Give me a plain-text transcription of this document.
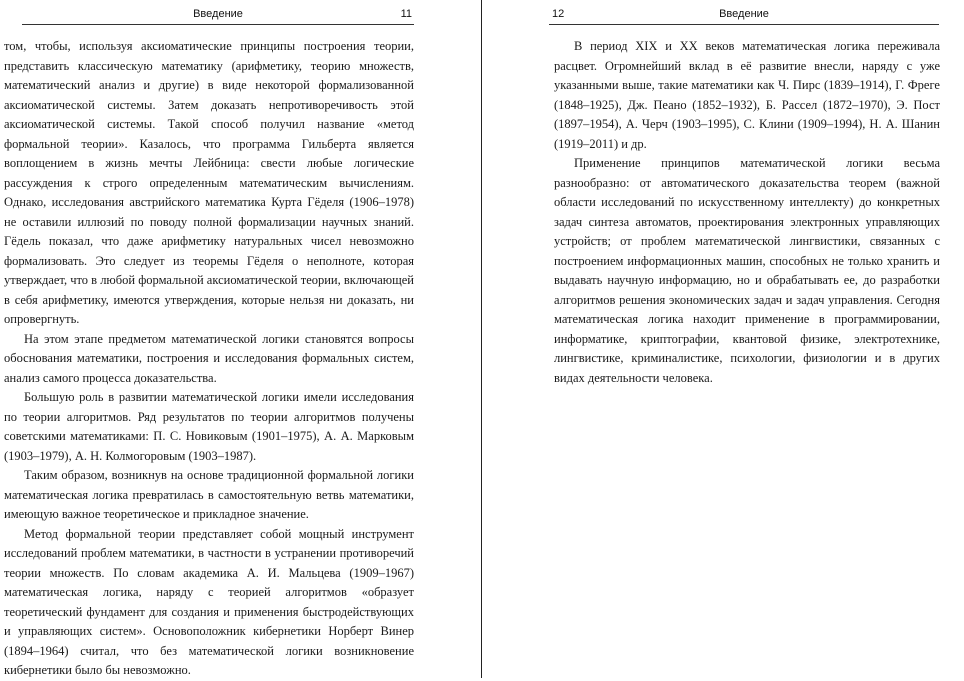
Введение	11

том, чтобы, используя аксиоматические принципы построения теории, представить классическую математику (арифметику, теорию множеств, математический анализ и другие) в виде некоторой формализованной аксиоматической системы. Затем доказать непротиворечивость этой аксиоматической системы. Такой способ получил название «метод формальной теории». Казалось, что программа Гильберта является воплощением в жизнь мечты Лейбница: свести любые логические рассуждения к строго определенным математическим вычислениям. Однако, исследования австрийского математика Курта Гёделя (1906–1978) не оставили иллюзий по поводу полной формализации научных знаний. Гёдель показал, что даже арифметику натуральных чисел невозможно формализовать. Это следует из теоремы Гёделя о неполноте, которая утверждает, что в любой формальной аксиоматической теории, включающей в себя арифметику, имеются утверждения, которые нельзя ни доказать, ни опровергнуть.

На этом этапе предметом математической логики становятся вопросы обоснования математики, построения и исследования формальных систем, анализ самого процесса доказательства.

Большую роль в развитии математической логики имели исследования по теории алгоритмов. Ряд результатов по теории алгоритмов получены советскими математиками: П. С. Новиковым (1901–1975), А. А. Марковым (1903–1979), А. Н. Колмогоровым (1903–1987).

Таким образом, возникнув на основе традиционной формальной логики математическая логика превратилась в самостоятельную ветвь математики, имеющую важное теоретическое и прикладное значение.

Метод формальной теории представляет собой мощный инструмент исследований проблем математики, в частности в устранении противоречий теории множеств. По словам академика А. И. Мальцева (1909–1967) математическая логика, наряду с теорией алгоритмов «образует теоретический фундамент для создания и применения быстродействующих и управляющих систем». Основоположник кибернетики Норберт Винер (1894–1964) считал, что без математической логики возникновение кибернетики было бы невозможно.

12	Введение

В период XIX и XX веков математическая логика переживала расцвет. Огромнейший вклад в её развитие внесли, наряду с уже указанными выше, такие математики как Ч. Пирс (1839–1914), Г. Фреге (1848–1925), Дж. Пеано (1852–1932), Б. Рассел (1872–1970), Э. Пост (1897–1954), А. Черч (1903–1995), С. Клини (1909–1994), Н. А. Шанин (1919–2011) и др.

Применение принципов математической логики весьма разнообразно: от автоматического доказательства теорем (важной области исследований по искусственному интеллекту) до конкретных задач синтеза автоматов, проектирования электронных управляющих устройств; от проблем математической лингвистики, связанных с построением информационных машин, способных не только хранить и выдавать научную информацию, но и обрабатывать ее, до разработки алгоритмов решения экономических задач и задач управления. Сегодня математическая логика находит применение в программировании, информатике, криптографии, квантовой физике, электротехнике, лингвистике, криминалистике, психологии, физиологии и в других видах деятельности человека.
